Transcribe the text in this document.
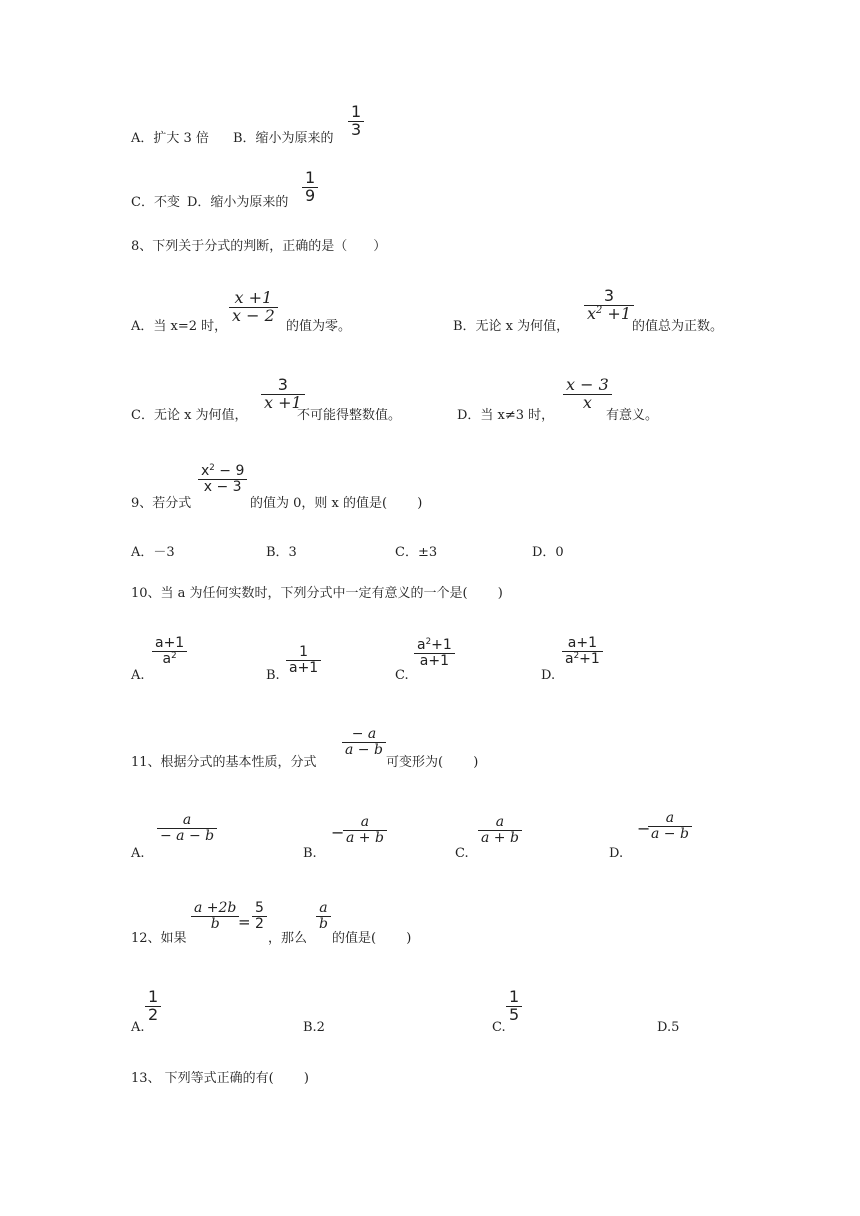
A．扩大 3 倍 B．缩小为原来的
1
3
C．不变 D．缩小为原来的
1
9
8、下列关于分式的判断，正确的是（　　）
A．当 x=2 时，
x +1
x − 2
的值为零。	B．无论 x 为何值，
3
$x^2 +1$
的值总为正数。
C．无论 x 为何值，
3
x +1
不可能得整数值。	D．当 x≠3 时，
x − 3
x
有意义。
9、若分式
$x^2 - 9$
x − 3
的值为 0，则 x 的值是(　　 )
A．－3	B．3	C．±3	D．0
10、当 a 为任何实数时，下列分式中一定有意义的一个是(　　 )
A.
a+1
$a^2$
B.
1
a+1	C.
$a^2+1$
a+1
D.
a+1
$a^2+1$
11、根据分式的基本性质，分式
− a
a − b
可变形为(　　 )
A.
a
− a − b
B.
−
a
a + b
C.
a
a + b
D.
−
a
a − b
12、如果
a +2b
b =
5
2
，那么
a
b
的值是(　　 )
A.
1
2
B.2	C.
1
5
D.5
13、 下列等式正确的有(　　 )
